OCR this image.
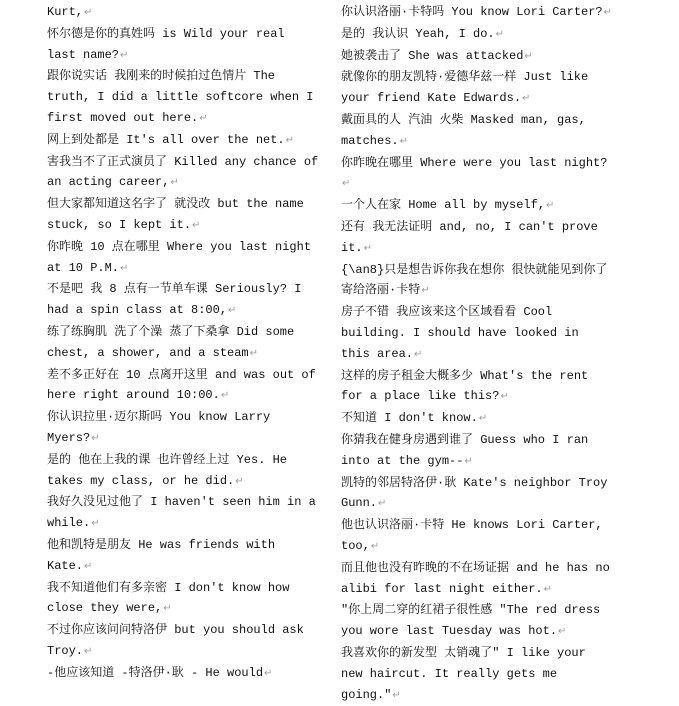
Kurt,↵

怀尔德是你的真姓吗 is Wild your real last name?↵

跟你说实话 我刚来的时候拍过色情片 The truth, I did a little softcore when I first moved out here.↵

网上到处都是 It's all over the net.↵

害我当不了正式演员了 Killed any chance of an acting career,↵

但大家都知道这名字了 就没改 but the name stuck, so I kept it.↵

你昨晚 10 点在哪里 Where you last night at 10 P.M.↵

不是吧 我 8 点有一节单车课 Seriously? I had a spin class at 8:00,↵

练了练胸肌 洗了个澡 蒸了下桑拿 Did some chest, a shower, and a steam↵

差不多正好在 10 点离开这里 and was out of here right around 10:00.↵

你认识拉里·迈尔斯吗 You know Larry Myers?↵

是的 他在上我的课 也许曾经上过 Yes. He takes my class, or he did.↵

我好久没见过他了 I haven't seen him in a while.↵

他和凯特是朋友 He was friends with Kate.↵

我不知道他们有多亲密 I don't know how close they were,↵

不过你应该问问特洛伊 but you should ask Troy.↵

-他应该知道 -特洛伊·耿 - He would↵

你认识洛丽·卡特吗 You know Lori Carter?↵

是的 我认识 Yeah, I do.↵

她被袭击了 She was attacked↵

就像你的朋友凯特·爱德华兹一样 Just like your friend Kate Edwards.↵

戴面具的人 汽油 火柴 Masked man, gas, matches.↵

你昨晚在哪里 Where were you last night?↵

一个人在家 Home all by myself,↵

还有 我无法证明 and, no, I can't prove it.↵

{\an8}只是想告诉你我在想你 很快就能见到你了 寄给洛丽·卡特↵

房子不错 我应该来这个区域看看 Cool building. I should have looked in this area.↵

这样的房子租金大概多少 What's the rent for a place like this?↵

不知道 I don't know.↵

你猜我在健身房遇到谁了 Guess who I ran into at the gym--↵

凯特的邻居特洛伊·耿 Kate's neighbor Troy Gunn.↵

他也认识洛丽·卡特 He knows Lori Carter, too,↵

而且他也没有昨晚的不在场证据 and he has no alibi for last night either.↵

"你上周二穿的红裙子很性感 "The red dress you wore last Tuesday was hot.↵

我喜欢你的新发型 太销魂了" I like your new haircut. It really gets me going."↵
